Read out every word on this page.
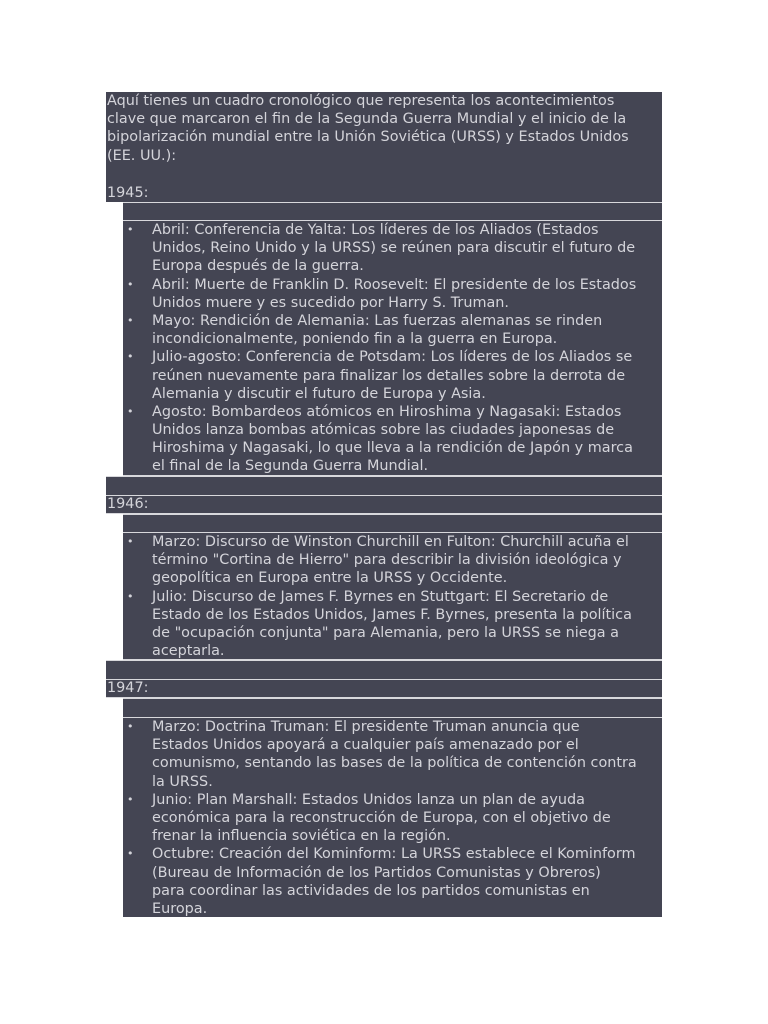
Aquí tienes un cuadro cronológico que representa los acontecimientos
clave que marcaron el fin de la Segunda Guerra Mundial y el inicio de la
bipolarización mundial entre la Unión Soviética (URSS) y Estados Unidos
(EE. UU.):
1945:
• Abril: Conferencia de Yalta: Los líderes de los Aliados (Estados
Unidos, Reino Unido y la URSS) se reúnen para discutir el futuro de
Europa después de la guerra.
• Abril: Muerte de Franklin D. Roosevelt: El presidente de los Estados
Unidos muere y es sucedido por Harry S. Truman.
• Mayo: Rendición de Alemania: Las fuerzas alemanas se rinden
incondicionalmente, poniendo fin a la guerra en Europa.
• Julio-agosto: Conferencia de Potsdam: Los líderes de los Aliados se
reúnen nuevamente para finalizar los detalles sobre la derrota de
Alemania y discutir el futuro de Europa y Asia.
• Agosto: Bombardeos atómicos en Hiroshima y Nagasaki: Estados
Unidos lanza bombas atómicas sobre las ciudades japonesas de
Hiroshima y Nagasaki, lo que lleva a la rendición de Japón y marca
el final de la Segunda Guerra Mundial.
1946:
• Marzo: Discurso de Winston Churchill en Fulton: Churchill acuña el
término "Cortina de Hierro" para describir la división ideológica y
geopolítica en Europa entre la URSS y Occidente.
• Julio: Discurso de James F. Byrnes en Stuttgart: El Secretario de
Estado de los Estados Unidos, James F. Byrnes, presenta la política
de "ocupación conjunta" para Alemania, pero la URSS se niega a
aceptarla.
1947:
• Marzo: Doctrina Truman: El presidente Truman anuncia que
Estados Unidos apoyará a cualquier país amenazado por el
comunismo, sentando las bases de la política de contención contra
la URSS.
• Junio: Plan Marshall: Estados Unidos lanza un plan de ayuda
económica para la reconstrucción de Europa, con el objetivo de
frenar la influencia soviética en la región.
• Octubre: Creación del Kominform: La URSS establece el Kominform
(Bureau de Información de los Partidos Comunistas y Obreros)
para coordinar las actividades de los partidos comunistas en
Europa.
